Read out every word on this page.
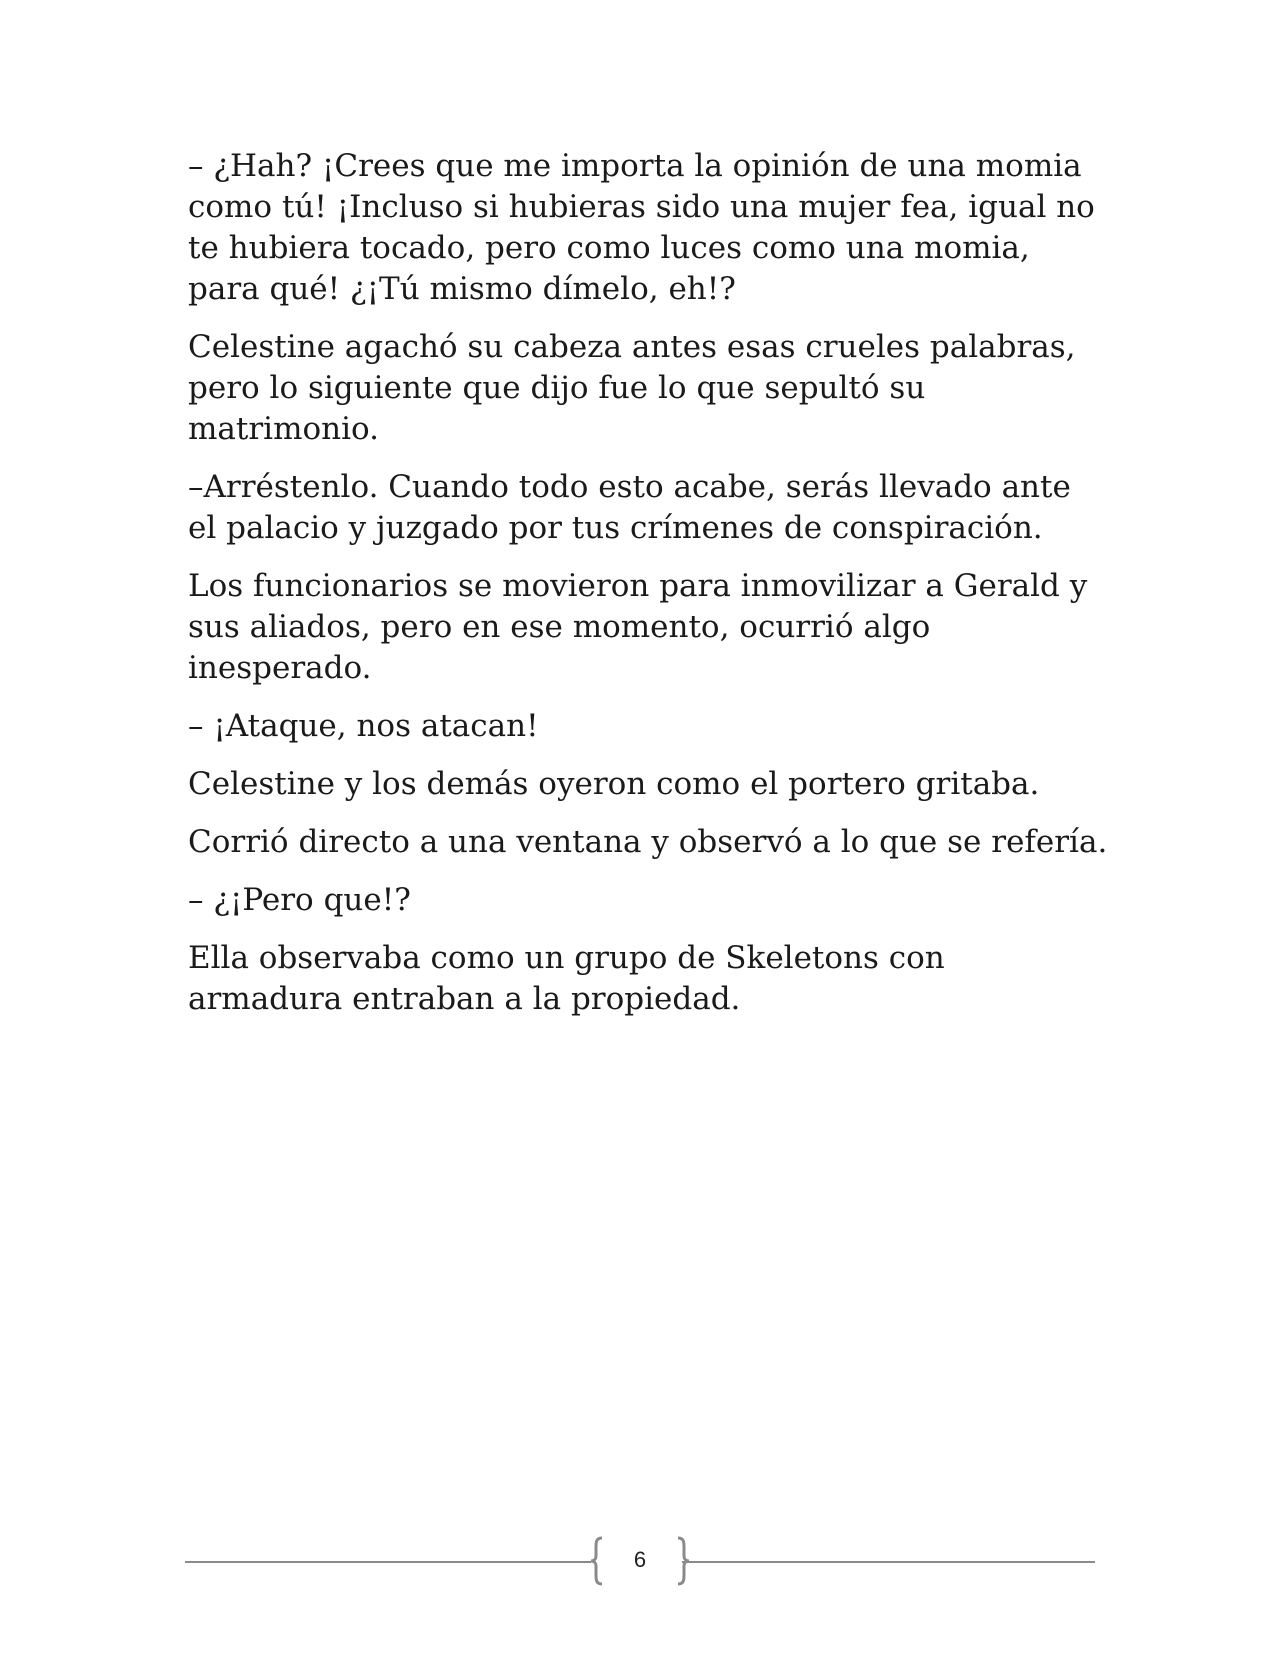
– ¿Hah? ¡Crees que me importa la opinión de una momia como tú! ¡Incluso si hubieras sido una mujer fea, igual no te hubiera tocado, pero como luces como una momia, para qué! ¿¡Tú mismo dímelo, eh!?

Celestine agachó su cabeza antes esas crueles palabras, pero lo siguiente que dijo fue lo que sepultó su matrimonio.

–Arréstenlo. Cuando todo esto acabe, serás llevado ante el palacio y juzgado por tus crímenes de conspiración.

Los funcionarios se movieron para inmovilizar a Gerald y sus aliados, pero en ese momento, ocurrió algo inesperado.

– ¡Ataque, nos atacan!

Celestine y los demás oyeron como el portero gritaba.

Corrió directo a una ventana y observó a lo que se refería.

– ¿¡Pero que!?

Ella observaba como un grupo de Skeletons con armadura entraban a la propiedad.

6
